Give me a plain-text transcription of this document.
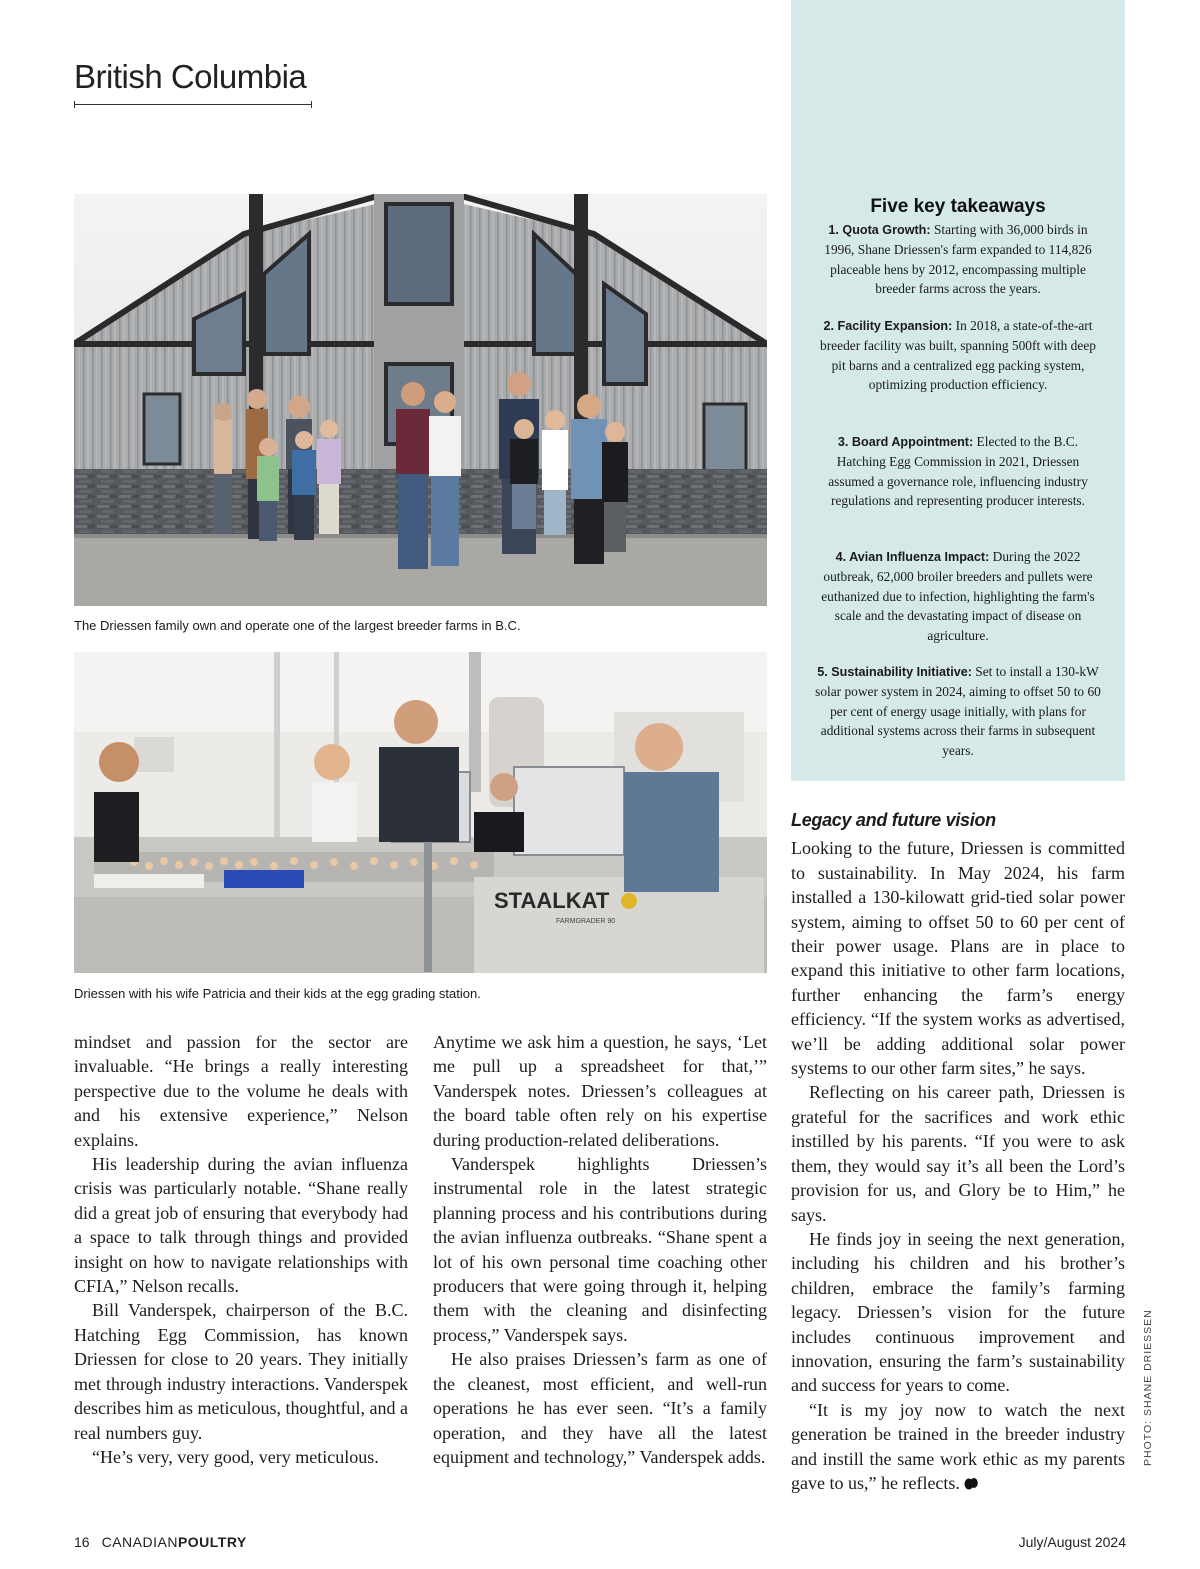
British Columbia
The Driessen family own and operate one of the largest breeder farms in B.C.
STAALKAT
FARMGRADER 90
Driessen with his wife Patricia and their kids at the egg grading station.
Five key takeaways
1. Quota Growth: Starting with 36,000 birds in 1996, Shane Driessen's farm expanded to 114,826 placeable hens by 2012, encompassing multiple breeder farms across the years.
2. Facility Expansion: In 2018, a state-of-the-art breeder facility was built, spanning 500ft with deep pit barns and a centralized egg packing system, optimizing production efficiency.
3. Board Appointment: Elected to the B.C. Hatching Egg Commission in 2021, Driessen assumed a governance role, influencing industry regulations and representing producer interests.
4. Avian Influenza Impact: During the 2022 outbreak, 62,000 broiler breeders and pullets were euthanized due to infection, highlighting the farm's scale and the devastating impact of disease on agriculture.
5. Sustainability Initiative: Set to install a 130-kW solar power system in 2024, aiming to offset 50 to 60 per cent of energy usage initially, with plans for additional systems across their farms in subsequent years.

mindset and passion for the sector are invaluable. “He brings a really interesting perspective due to the volume he deals with and his extensive experience,” Nelson explains.

His leadership during the avian influenza crisis was particularly notable. “Shane really did a great job of ensuring that everybody had a space to talk through things and provided insight on how to navigate relationships with CFIA,” Nelson recalls.

Bill Vanderspek, chairperson of the B.C. Hatching Egg Commission, has known Driessen for close to 20 years. They initially met through industry interactions. Vanderspek describes him as meticulous, thoughtful, and a real numbers guy.

“He’s very, very good, very meticulous.

Anytime we ask him a question, he says, ‘Let me pull up a spreadsheet for that,’” Vanderspek notes. Driessen’s colleagues at the board table often rely on his expertise during production-related deliberations.

Vanderspek highlights Driessen’s instrumental role in the latest strategic planning process and his contributions during the avian influenza outbreaks. “Shane spent a lot of his own personal time coaching other producers that were going through it, helping them with the cleaning and disinfecting process,” Vanderspek says.

He also praises Driessen’s farm as one of the cleanest, most efficient, and well-run operations he has ever seen. “It’s a family operation, and they have all the latest equipment and technology,” Vanderspek adds.

Legacy and future vision

Looking to the future, Driessen is committed to sustainability. In May 2024, his farm installed a 130-kilowatt grid-tied solar power system, aiming to offset 50 to 60 per cent of their power usage. Plans are in place to expand this initiative to other farm locations, further enhancing the farm’s energy efficiency. “If the system works as advertised, we’ll be adding additional solar power systems to our other farm sites,” he says.

Reflecting on his career path, Driessen is grateful for the sacrifices and work ethic instilled by his parents. “If you were to ask them, they would say it’s all been the Lord’s provision for us, and Glory be to Him,” he says.

He finds joy in seeing the next generation, including his children and his brother’s children, embrace the family’s farming legacy. Driessen’s vision for the future includes continuous improvement and innovation, ensuring the farm’s sustainability and success for years to come.

“It is my joy now to watch the next generation be trained in the breeder industry and instill the same work ethic as my parents gave to us,” he reflects.

PHOTO: SHANE DRIESSEN
16 CANADIANPOULTRY	July/August 2024
